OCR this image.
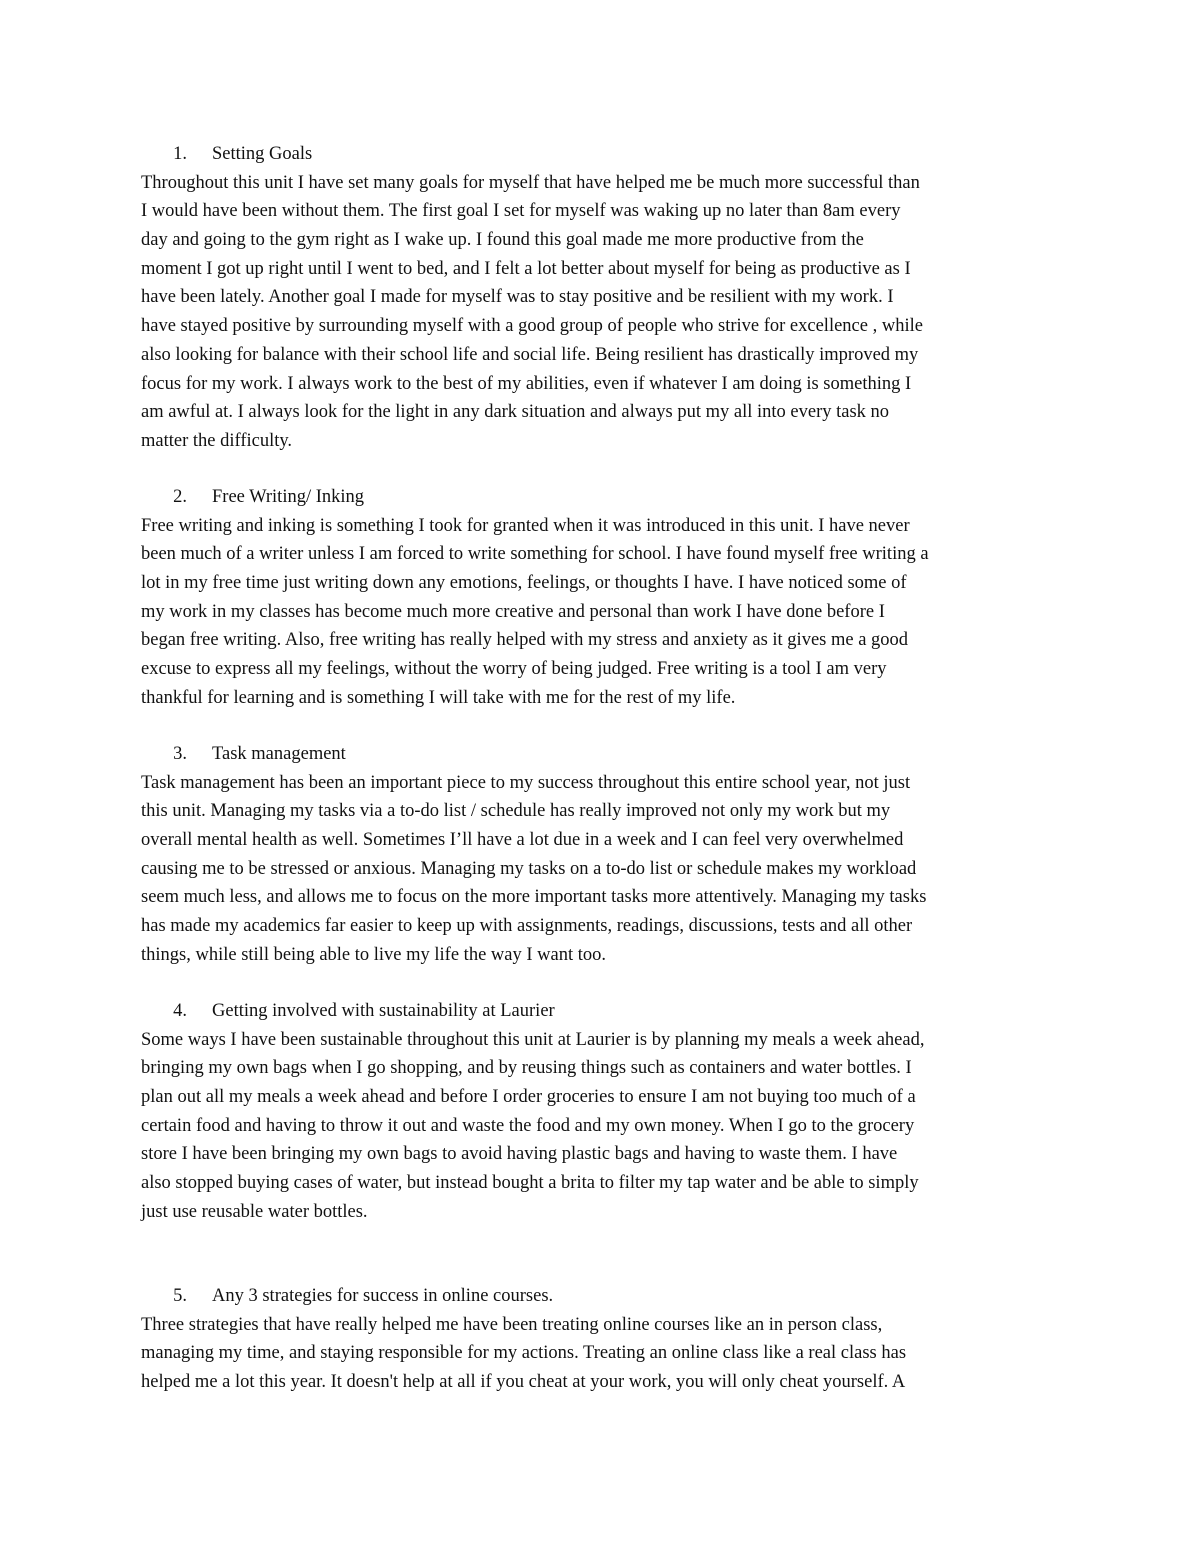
1. Setting Goals
Throughout this unit I have set many goals for myself that have helped me be much more successful than
I would have been without them. The first goal I set for myself was waking up no later than 8am every
day and going to the gym right as I wake up. I found this goal made me more productive from the
moment I got up right until I went to bed, and I felt a lot better about myself for being as productive as I
have been lately. Another goal I made for myself was to stay positive and be resilient with my work. I
have stayed positive by surrounding myself with a good group of people who strive for excellence , while
also looking for balance with their school life and social life. Being resilient has drastically improved my
focus for my work. I always work to the best of my abilities, even if whatever I am doing is something I
am awful at. I always look for the light in any dark situation and always put my all into every task no
matter the difficulty.
2. Free Writing/ Inking
Free writing and inking is something I took for granted when it was introduced in this unit. I have never
been much of a writer unless I am forced to write something for school. I have found myself free writing a
lot in my free time just writing down any emotions, feelings, or thoughts I have. I have noticed some of
my work in my classes has become much more creative and personal than work I have done before I
began free writing. Also, free writing has really helped with my stress and anxiety as it gives me a good
excuse to express all my feelings, without the worry of being judged. Free writing is a tool I am very
thankful for learning and is something I will take with me for the rest of my life.
3. Task management
Task management has been an important piece to my success throughout this entire school year, not just
this unit. Managing my tasks via a to-do list / schedule has really improved not only my work but my
overall mental health as well. Sometimes I’ll have a lot due in a week and I can feel very overwhelmed
causing me to be stressed or anxious. Managing my tasks on a to-do list or schedule makes my workload
seem much less, and allows me to focus on the more important tasks more attentively. Managing my tasks
has made my academics far easier to keep up with assignments, readings, discussions, tests and all other
things, while still being able to live my life the way I want too.
4. Getting involved with sustainability at Laurier
Some ways I have been sustainable throughout this unit at Laurier is by planning my meals a week ahead,
bringing my own bags when I go shopping, and by reusing things such as containers and water bottles. I
plan out all my meals a week ahead and before I order groceries to ensure I am not buying too much of a
certain food and having to throw it out and waste the food and my own money. When I go to the grocery
store I have been bringing my own bags to avoid having plastic bags and having to waste them. I have
also stopped buying cases of water, but instead bought a brita to filter my tap water and be able to simply
just use reusable water bottles.
5. Any 3 strategies for success in online courses.
Three strategies that have really helped me have been treating online courses like an in person class,
managing my time, and staying responsible for my actions. Treating an online class like a real class has
helped me a lot this year. It doesn't help at all if you cheat at your work, you will only cheat yourself. A
